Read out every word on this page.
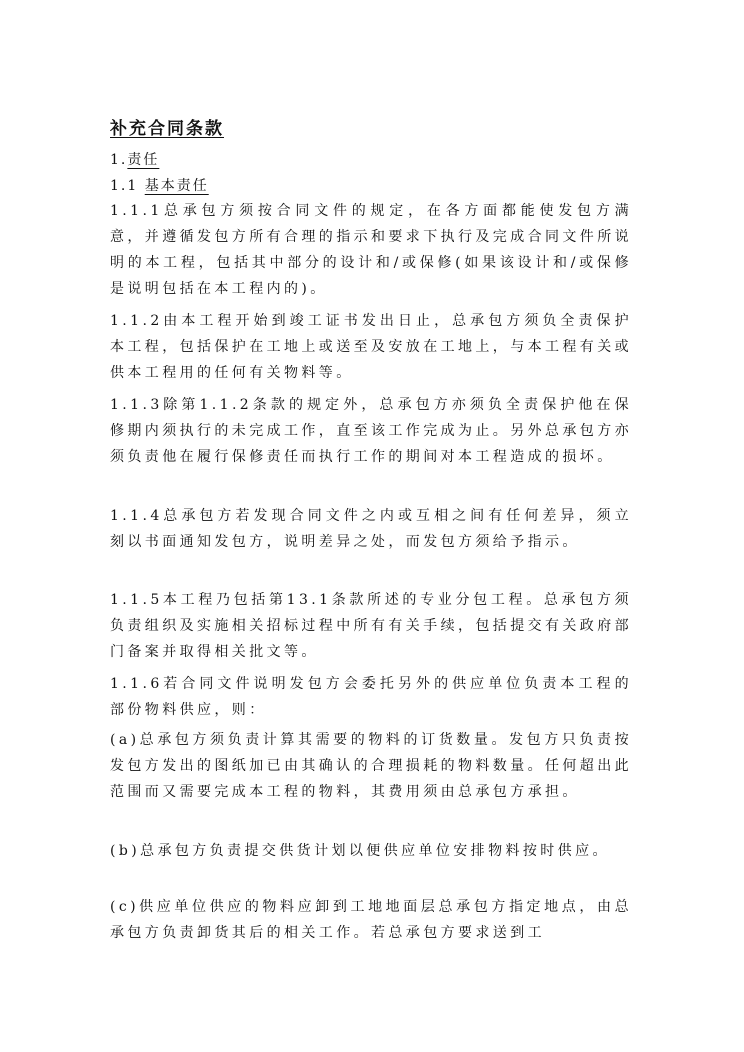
补充合同条款
1.责任
1.1 基本责任

1.1.1总承包方须按合同文件的规定，在各方面都能使发包方满意，并遵循发包方所有合理的指示和要求下执行及完成合同文件所说明的本工程，包括其中部分的设计和/或保修(如果该设计和/或保修是说明包括在本工程内的)。

1.1.2由本工程开始到竣工证书发出日止，总承包方须负全责保护本工程，包括保护在工地上或送至及安放在工地上，与本工程有关或供本工程用的任何有关物料等。

1.1.3除第1.1.2条款的规定外，总承包方亦须负全责保护他在保修期内须执行的未完成工作，直至该工作完成为止。另外总承包方亦须负责他在履行保修责任而执行工作的期间对本工程造成的损坏。

1.1.4总承包方若发现合同文件之内或互相之间有任何差异，须立刻以书面通知发包方，说明差异之处，而发包方须给予指示。

1.1.5本工程乃包括第13.1条款所述的专业分包工程。总承包方须负责组织及实施相关招标过程中所有有关手续，包括提交有关政府部门备案并取得相关批文等。

1.1.6若合同文件说明发包方会委托另外的供应单位负责本工程的部份物料供应，则：

(a)总承包方须负责计算其需要的物料的订货数量。发包方只负责按发包方发出的图纸加已由其确认的合理损耗的物料数量。任何超出此范围而又需要完成本工程的物料，其费用须由总承包方承担。

(b)总承包方负责提交供货计划以便供应单位安排物料按时供应。

(c)供应单位供应的物料应卸到工地地面层总承包方指定地点，由总承包方负责卸货其后的相关工作。若总承包方要求送到工
